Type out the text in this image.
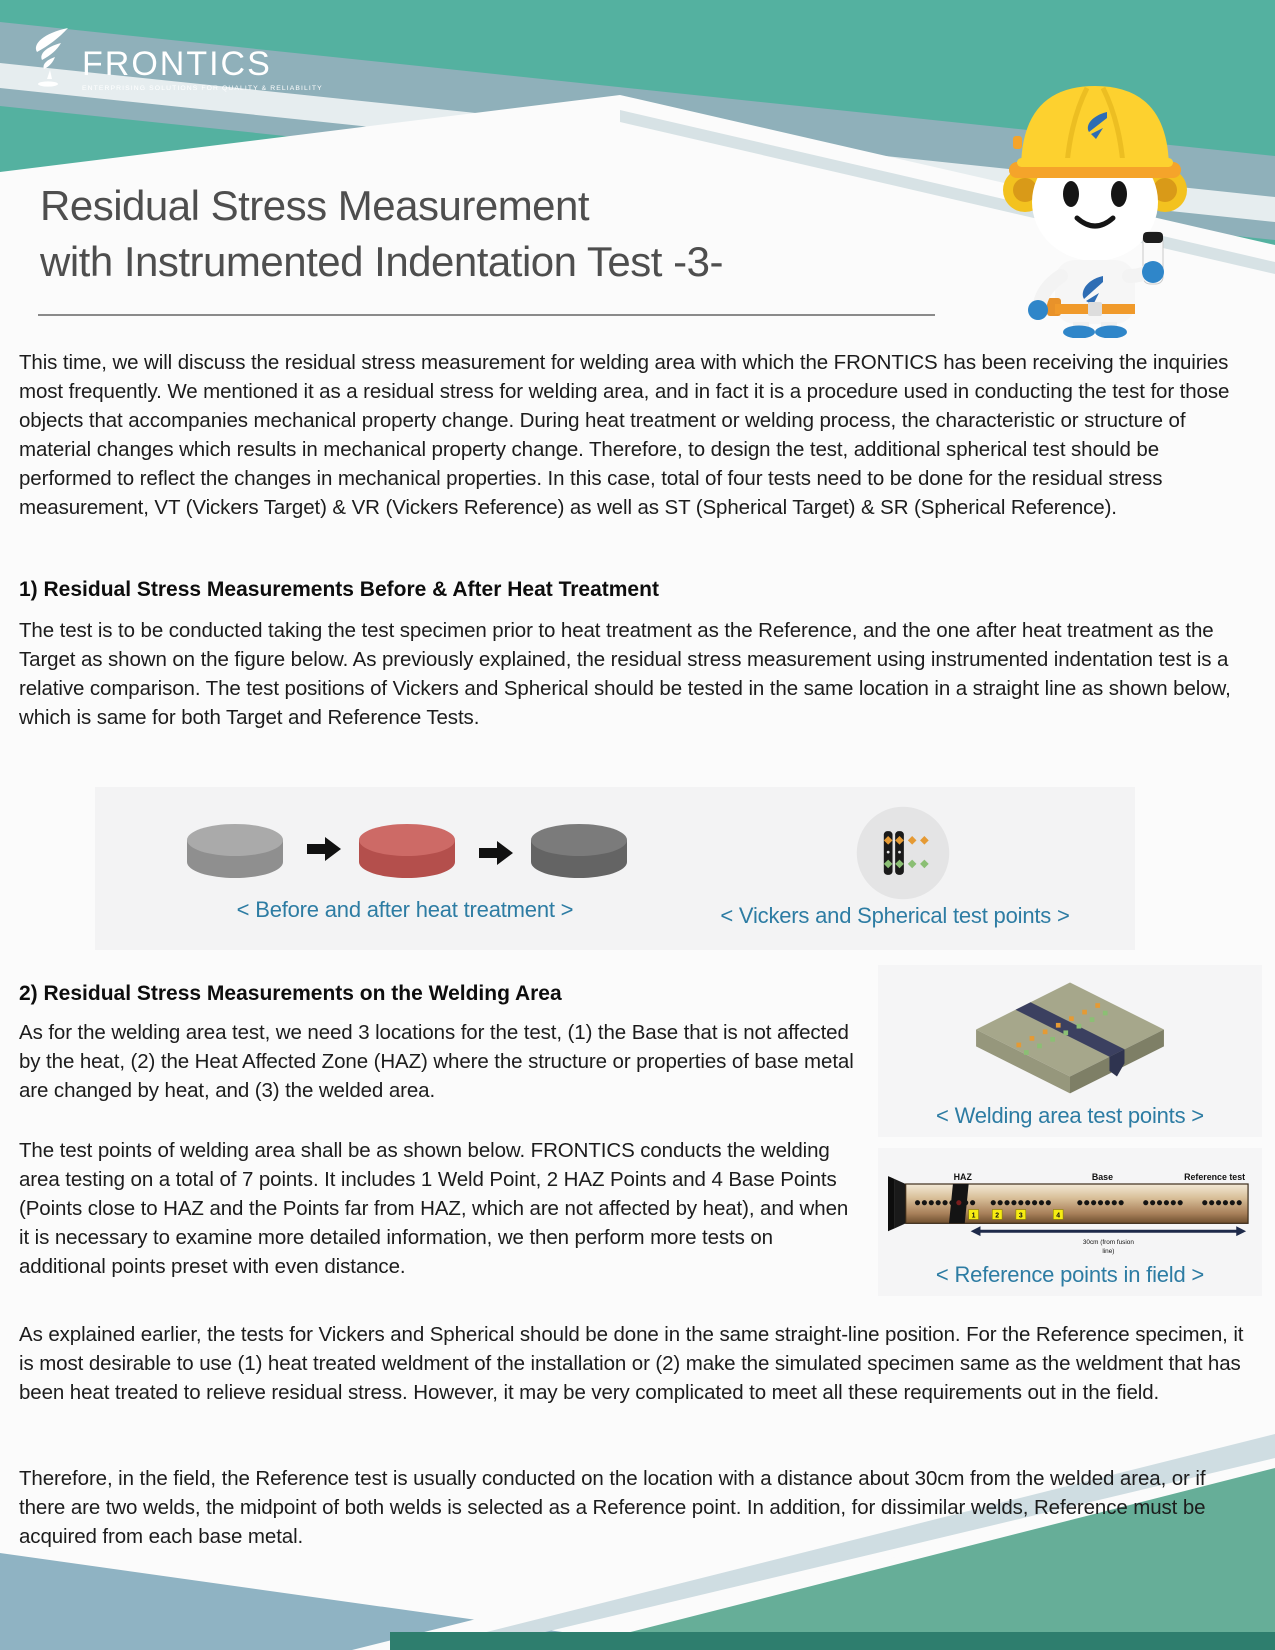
FRONTICS
ENTERPRISING SOLUTIONS FOR QUALITY & RELIABILITY
Residual Stress Measurement
with Instrumented Indentation Test -3-

This time, we will discuss the residual stress measurement for welding area with which the FRONTICS has been receiving the inquiries most frequently. We mentioned it as a residual stress for welding area, and in fact it is a procedure used in conducting the test for those objects that accompanies mechanical property change. During heat treatment or welding process, the characteristic or structure of material changes which results in mechanical property change. Therefore, to design the test, additional spherical test should be performed to reflect the changes in mechanical properties. In this case, total of four tests need to be done for the residual stress measurement, VT (Vickers Target) & VR (Vickers Reference) as well as ST (Spherical Target) & SR (Spherical Reference).

1) Residual Stress Measurements Before & After Heat Treatment

The test is to be conducted taking the test specimen prior to heat treatment as the Reference, and the one after heat treatment as the Target as shown on the figure below. As previously explained, the residual stress measurement using instrumented indentation test is a relative comparison. The test positions of Vickers and Spherical should be tested in the same location in a straight line as shown below, which is same for both Target and Reference Tests.

< Before and after heat treatment >	< Vickers and Spherical test points >
2) Residual Stress Measurements on the Welding Area

As for the welding area test, we need 3 locations for the test, (1) the Base that is not affected by the heat, (2) the Heat Affected Zone (HAZ) where the structure or properties of base metal are changed by heat, and (3) the welded area.

The test points of welding area shall be as shown below. FRONTICS conducts the welding area testing on a total of 7 points. It includes 1 Weld Point, 2 HAZ Points and 4 Base Points (Points close to HAZ and the Points far from HAZ, which are not affected by heat), and when it is necessary to examine more detailed information, we then perform more tests on additional points preset with even distance.

< Welding area test points >
HAZ	Base	Reference test
1	2	3	4
30cm (from fusion
line)
< Reference points in field >

As explained earlier, the tests for Vickers and Spherical should be done in the same straight-line position. For the Reference specimen, it is most desirable to use (1) heat treated weldment of the installation or (2) make the simulated specimen same as the weldment that has been heat treated to relieve residual stress. However, it may be very complicated to meet all these requirements out in the field.

Therefore, in the field, the Reference test is usually conducted on the location with a distance about 30cm from the welded area, or if there are two welds, the midpoint of both welds is selected as a Reference point. In addition, for dissimilar welds, Reference must be acquired from each base metal.
